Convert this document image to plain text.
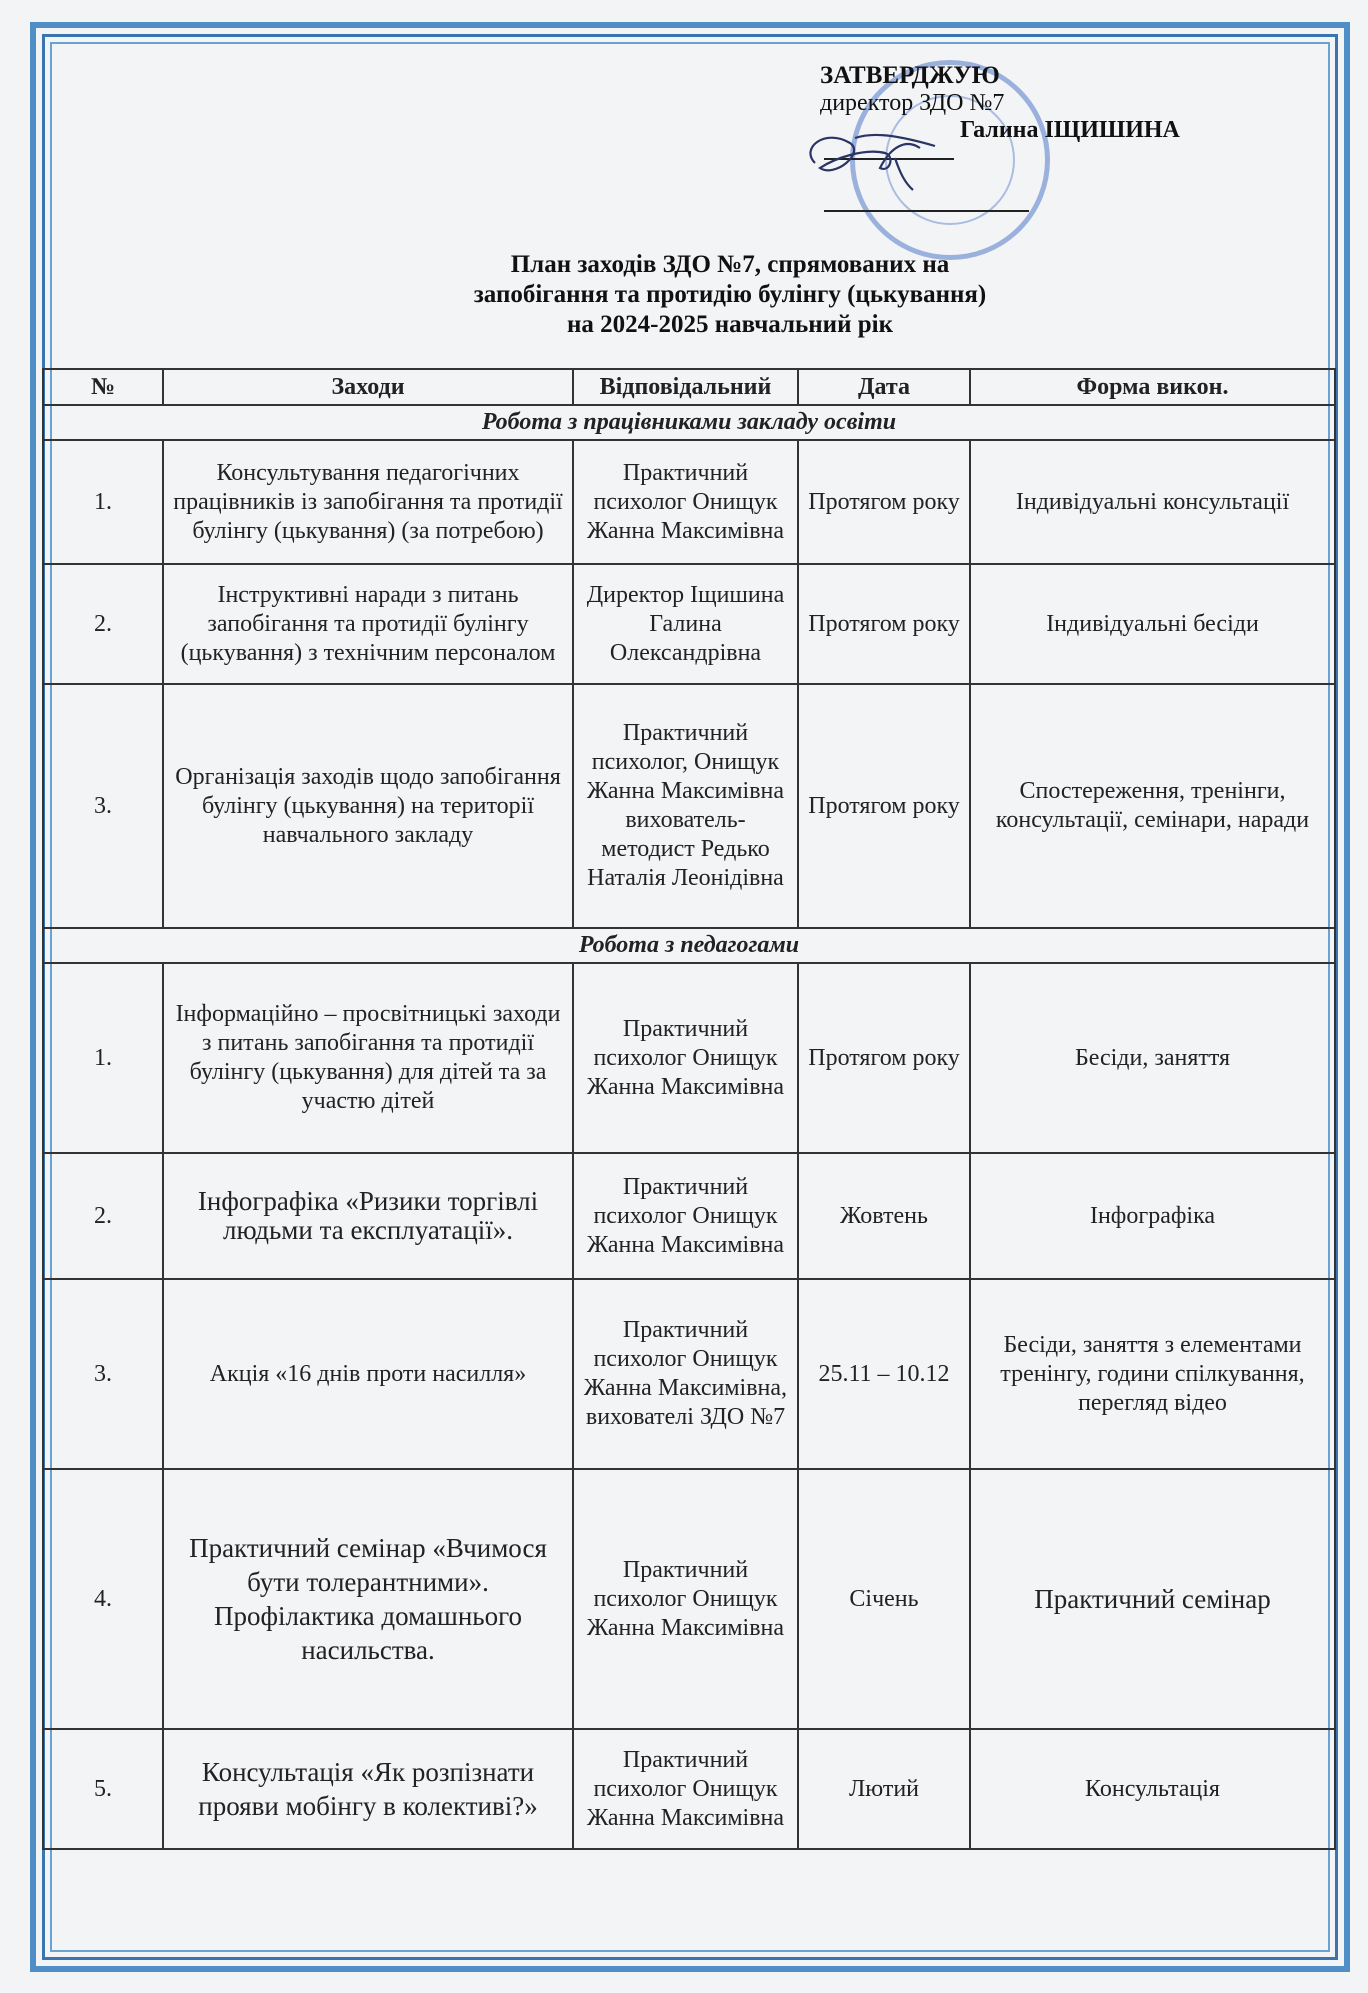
ЗАТВЕРДЖУЮ
директор ЗДО №7
Галина ІЩИШИНА
План заходів ЗДО №7, спрямованих на
запобігання та протидію булінгу (цькування)
на 2024-2025 навчальний рік
№	Заходи	Відповідальний	Дата	Форма викон.
Робота з працівниками закладу освіти				
1.	Консультування педагогічних працівників із запобігання та протидії булінгу (цькування) (за потребою)	Практичний психолог Онищук Жанна Максимівна	Протягом року	Індивідуальні консультації
2.	Інструктивні наради з питань запобігання та протидії булінгу (цькування) з технічним персоналом	Директор Іщишина Галина Олександрівна	Протягом року	Індивідуальні бесіди
3.	Організація заходів щодо запобігання булінгу (цькування) на території навчального закладу	Практичний психолог, Онищук Жанна Максимівна вихователь-методист Редько Наталія Леонідівна	Протягом року	Спостереження, тренінги, консультації, семінари, наради
Робота з педагогами				
1.	Інформаційно – просвітницькі заходи з питань запобігання та протидії булінгу (цькування) для дітей та за участю дітей	Практичний психолог Онищук Жанна Максимівна	Протягом року	Бесіди, заняття
2.	Інфографіка «Ризики торгівлі людьми та експлуатації».	Практичний психолог Онищук Жанна Максимівна	Жовтень	Інфографіка
3.	Акція «16 днів проти насилля»	Практичний психолог Онищук Жанна Максимівна, вихователі ЗДО №7	25.11 – 10.12	Бесіди, заняття з елементами тренінгу, години спілкування, перегляд відео
4.	Практичний семінар «Вчимося бути толерантними». Профілактика домашнього насильства.	Практичний психолог Онищук Жанна Максимівна	Січень	Практичний семінар
5.	Консультація «Як розпізнати прояви мобінгу в колективі?»	Практичний психолог Онищук Жанна Максимівна	Лютий	Консультація
